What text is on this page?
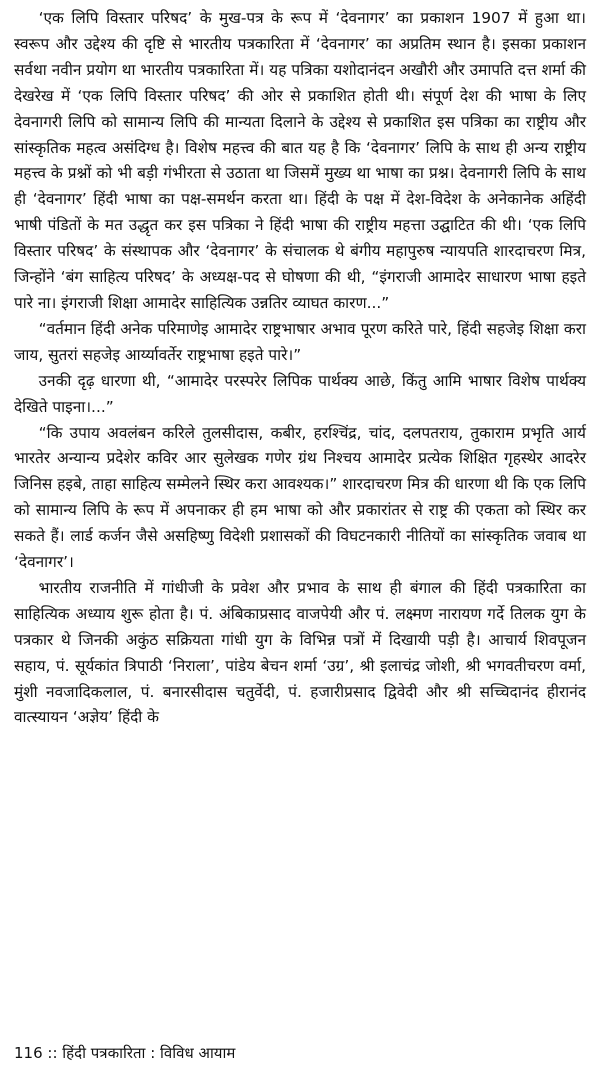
‘एक लिपि विस्तार परिषद’ के मुख-पत्र के रूप में ‘देवनागर’ का प्रकाशन 1907 में हुआ था। स्वरूप और उद्देश्य की दृष्टि से भारतीय पत्रकारिता में ‘देवनागर’ का अप्रतिम स्थान है। इसका प्रकाशन सर्वथा नवीन प्रयोग था भारतीय पत्रकारिता में। यह पत्रिका यशोदानंदन अखौरी और उमापति दत्त शर्मा की देखरेख में ‘एक लिपि विस्तार परिषद’ की ओर से प्रकाशित होती थी। संपूर्ण देश की भाषा के लिए देवनागरी लिपि को सामान्य लिपि की मान्यता दिलाने के उद्देश्य से प्रकाशित इस पत्रिका का राष्ट्रीय और सांस्कृतिक महत्व असंदिग्ध है। विशेष महत्त्व की बात यह है कि ‘देवनागर’ लिपि के साथ ही अन्य राष्ट्रीय महत्त्व के प्रश्नों को भी बड़ी गंभीरता से उठाता था जिसमें मुख्य था भाषा का प्रश्न। देवनागरी लिपि के साथ ही ‘देवनागर’ हिंदी भाषा का पक्ष-समर्थन करता था। हिंदी के पक्ष में देश-विदेश के अनेकानेक अहिंदी भाषी पंडितों के मत उद्धृत कर इस पत्रिका ने हिंदी भाषा की राष्ट्रीय महत्ता उद्घाटित की थी। ‘एक लिपि विस्तार परिषद’ के संस्थापक और ‘देवनागर’ के संचालक थे बंगीय महापुरुष न्यायपति शारदाचरण मित्र, जिन्होंने ‘बंग साहित्य परिषद’ के अध्यक्ष-पद से घोषणा की थी, “इंगराजी आमादेर साधारण भाषा हइते पारे ना। इंगराजी शिक्षा आमादेर साहित्यिक उन्नतिर व्याघत कारण...”

“वर्तमान हिंदी अनेक परिमाणेइ आमादेर राष्ट्रभाषार अभाव पूरण करिते पारे, हिंदी सहजेइ शिक्षा करा जाय, सुतरां सहजेइ आर्य्यावर्तेर राष्ट्रभाषा हइते पारे।”

उनकी दृढ़ धारणा थी, “आमादेर परस्परेर लिपिक पार्थक्य आछे, किंतु आमि भाषार विशेष पार्थक्य देखिते पाइना।...”

“कि उपाय अवलंबन करिले तुलसीदास, कबीर, हरश्चिंद्र, चांद, दलपतराय, तुकाराम प्रभृति आर्य भारतेर अन्यान्य प्रदेशेर कविर आर सुलेखक गणेर ग्रंथ निश्चय आमादेर प्रत्येक शिक्षित गृहस्थेर आदरेर जिनिस हइबे, ताहा साहित्य सम्मेलने स्थिर करा आवश्यक।” शारदाचरण मित्र की धारणा थी कि एक लिपि को सामान्य लिपि के रूप में अपनाकर ही हम भाषा को और प्रकारांतर से राष्ट्र की एकता को स्थिर कर सकते हैं। लार्ड कर्जन जैसे असहिष्णु विदेशी प्रशासकों की विघटनकारी नीतियों का सांस्कृतिक जवाब था ‘देवनागर’।

भारतीय राजनीति में गांधीजी के प्रवेश और प्रभाव के साथ ही बंगाल की हिंदी पत्रकारिता का साहित्यिक अध्याय शुरू होता है। पं. अंबिकाप्रसाद वाजपेयी और पं. लक्ष्मण नारायण गर्दे तिलक युग के पत्रकार थे जिनकी अकुंठ सक्रियता गांधी युग के विभिन्न पत्रों में दिखायी पड़ी है। आचार्य शिवपूजन सहाय, पं. सूर्यकांत त्रिपाठी ‘निराला’, पांडेय बेचन शर्मा ‘उग्र’, श्री इलाचंद्र जोशी, श्री भगवतीचरण वर्मा, मुंशी नवजादिकलाल, पं. बनारसीदास चतुर्वेदी, पं. हजारीप्रसाद द्विवेदी और श्री सच्चिदानंद हीरानंद वात्स्यायन ‘अज्ञेय’ हिंदी के

116 :: हिंदी पत्रकारिता : विविध आयाम
